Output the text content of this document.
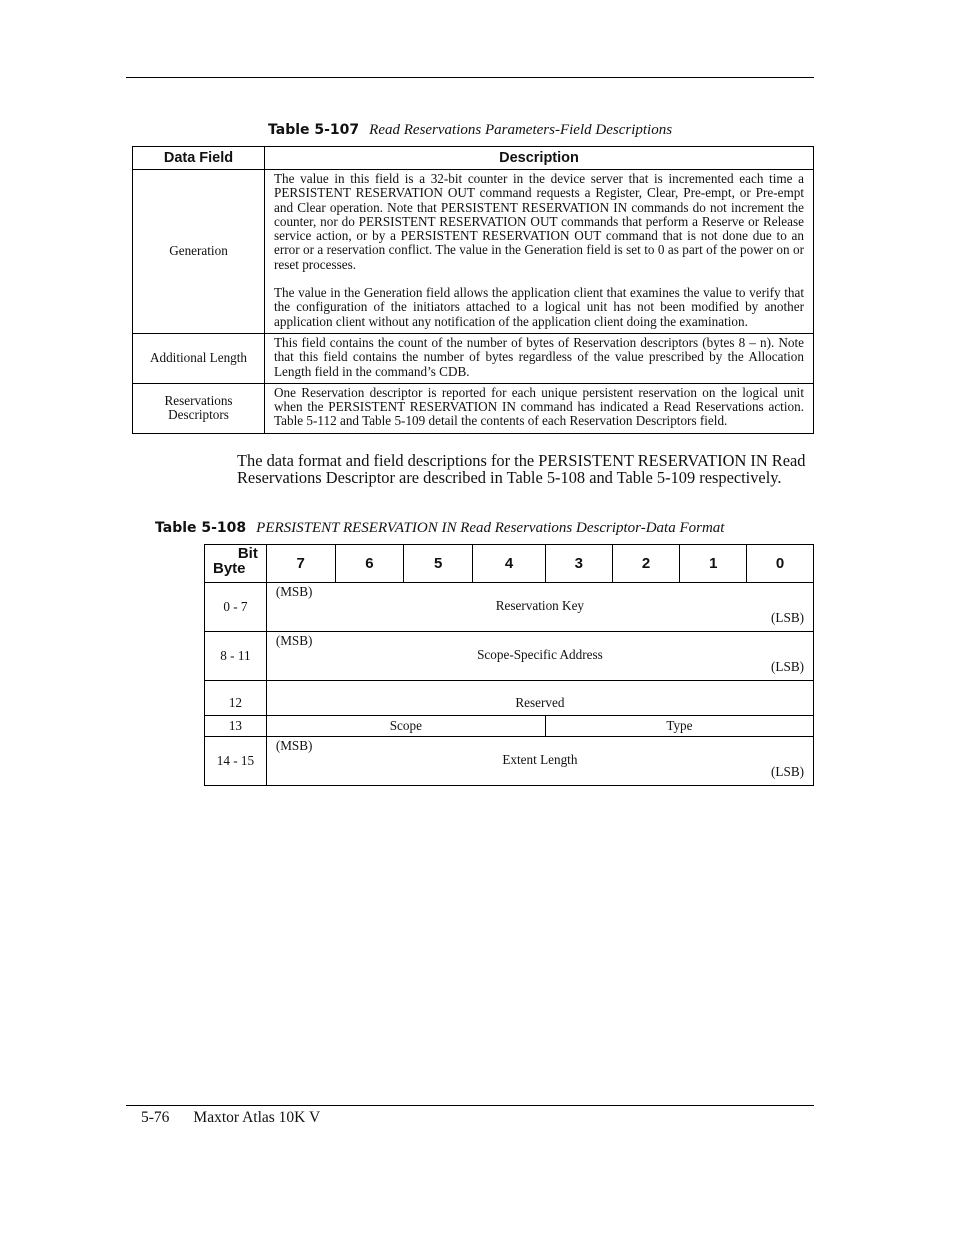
Table 5-107 Read Reservations Parameters-Field Descriptions
Data Field	Description
Generation	The value in this field is a 32-bit counter in the device server that is incremented each time a PERSISTENT RESERVATION OUT command requests a Register, Clear, Pre-empt, or Pre-empt and Clear operation. Note that PERSISTENT RESERVATION IN commands do not increment the counter, nor do PERSISTENT RESERVATION OUT commands that perform a Reserve or Release service action, or by a PERSISTENT RESERVATION OUT command that is not done due to an error or a reservation conflict. The value in the Generation field is set to 0 as part of the power on or reset processes.

The value in the Generation field allows the application client that examines the value to verify that the configuration of the initiators attached to a logical unit has not been modified by another application client without any notification of the application client doing the examination.

Additional Length	This field contains the count of the number of bytes of Reservation descriptors (bytes 8 – n). Note that this field contains the number of bytes regardless of the value prescribed by the Allocation Length field in the command’s CDB.

Reservations Descriptors	One Reservation descriptor is reported for each unique persistent reservation on the logical unit when the PERSISTENT RESERVATION IN command has indicated a Read Reservations action. Table 5-112 and Table 5-109 detail the contents of each Reservation Descriptors field.

The data format and field descriptions for the PERSISTENT RESERVATION IN Read Reservations Descriptor are described in Table 5-108 and Table 5-109 respectively.
Table 5-108 PERSISTENT RESERVATION IN Read Reservations Descriptor-Data Format
Bit
Byte	7	6	5	4	3	2	1	0
0 - 7	(MSB)
Reservation Key
(LSB)							

8 - 11	(MSB)
Scope-Specific Address
(LSB)							

12	Reserved							

13	Scope				Type			
14 - 15	(MSB)
Extent Length
(LSB)							
5-76 Maxtor Atlas 10K V
